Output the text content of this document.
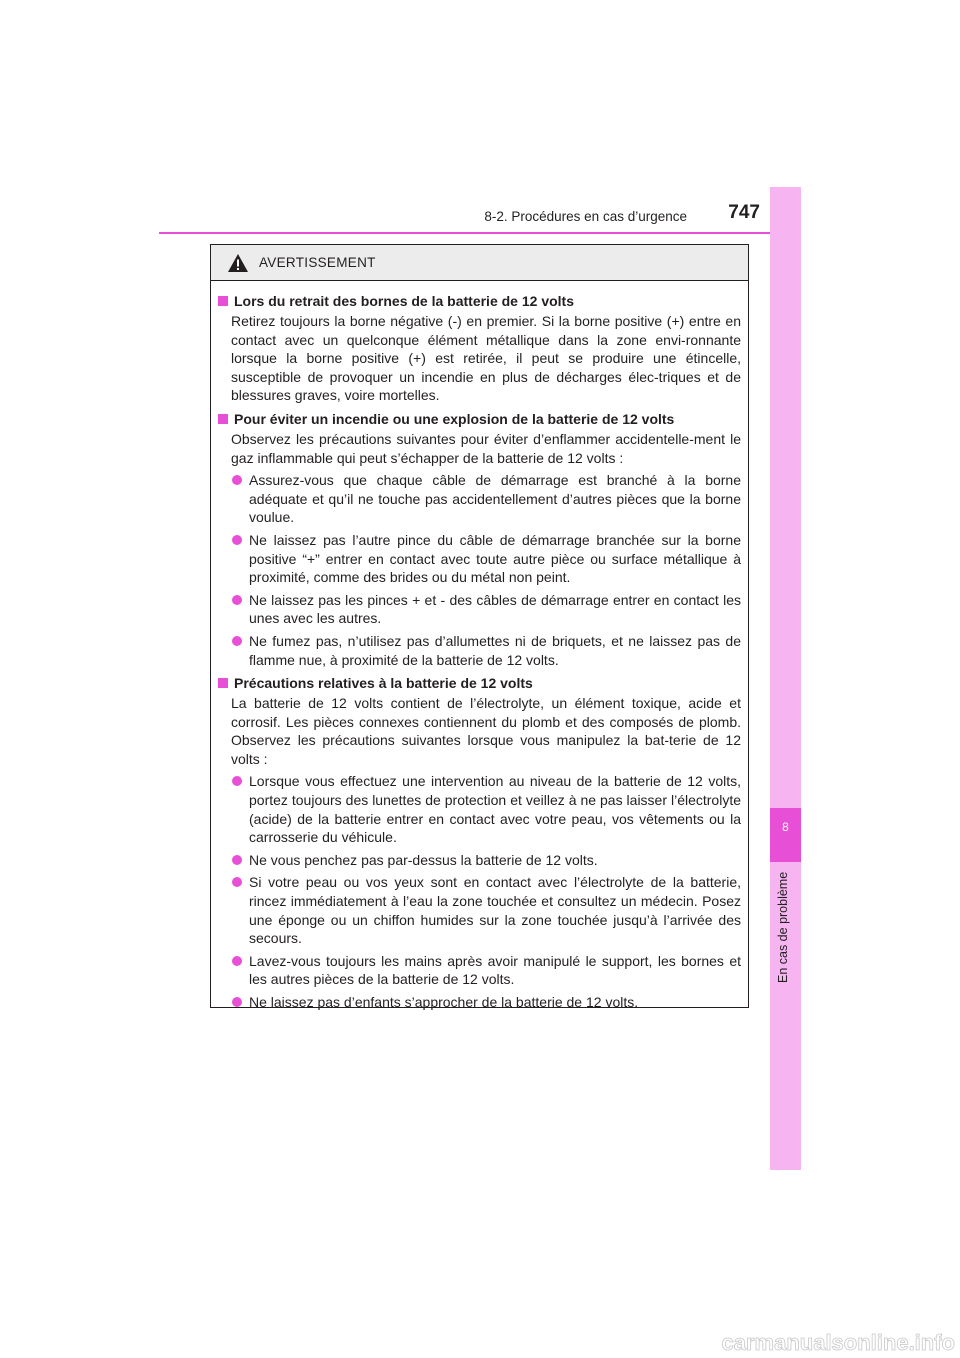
8-2. Procédures en cas d’urgence	747
8
En cas de problème
AVERTISSEMENT
Lors du retrait des bornes de la batterie de 12 volts
Retirez toujours la borne négative (-) en premier. Si la borne positive (+) entre en contact avec un quelconque élément métallique dans la zone envi-ronnante lorsque la borne positive (+) est retirée, il peut se produire une étincelle, susceptible de provoquer un incendie en plus de décharges élec-triques et de blessures graves, voire mortelles.
Pour éviter un incendie ou une explosion de la batterie de 12 volts
Observez les précautions suivantes pour éviter d’enflammer accidentelle-ment le gaz inflammable qui peut s’échapper de la batterie de 12 volts :
Assurez-vous que chaque câble de démarrage est branché à la borne adéquate et qu’il ne touche pas accidentellement d’autres pièces que la borne voulue.
Ne laissez pas l’autre pince du câble de démarrage branchée sur la borne positive “+” entrer en contact avec toute autre pièce ou surface métallique à proximité, comme des brides ou du métal non peint.
Ne laissez pas les pinces + et - des câbles de démarrage entrer en contact les unes avec les autres.
Ne fumez pas, n’utilisez pas d’allumettes ni de briquets, et ne laissez pas de flamme nue, à proximité de la batterie de 12 volts.
Précautions relatives à la batterie de 12 volts
La batterie de 12 volts contient de l’électrolyte, un élément toxique, acide et corrosif. Les pièces connexes contiennent du plomb et des composés de plomb. Observez les précautions suivantes lorsque vous manipulez la bat-terie de 12 volts :
Lorsque vous effectuez une intervention au niveau de la batterie de 12 volts, portez toujours des lunettes de protection et veillez à ne pas laisser l’électrolyte (acide) de la batterie entrer en contact avec votre peau, vos vêtements ou la carrosserie du véhicule.
Ne vous penchez pas par-dessus la batterie de 12 volts.
Si votre peau ou vos yeux sont en contact avec l’électrolyte de la batterie, rincez immédiatement à l’eau la zone touchée et consultez un médecin. Posez une éponge ou un chiffon humides sur la zone touchée jusqu’à l’arrivée des secours.
Lavez-vous toujours les mains après avoir manipulé le support, les bornes et les autres pièces de la batterie de 12 volts.
Ne laissez pas d’enfants s’approcher de la batterie de 12 volts.
carmanualsonline.info
